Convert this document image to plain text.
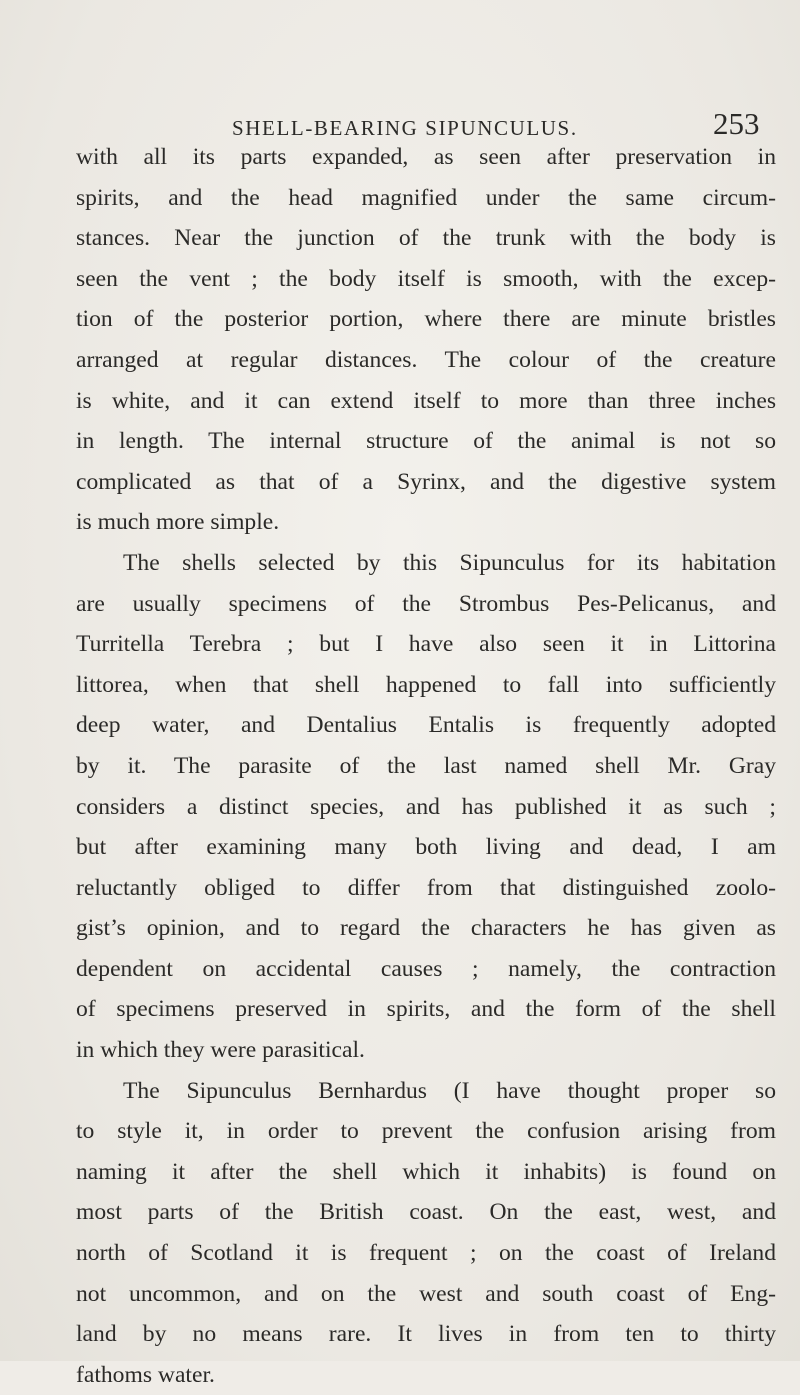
SHELL-BEARING SIPUNCULUS.	253
with all its parts expanded, as seen after preservation in
spirits, and the head magnified under the same circum-
stances. Near the junction of the trunk with the body is
seen the vent ; the body itself is smooth, with the excep-
tion of the posterior portion, where there are minute bristles
arranged at regular distances. The colour of the creature
is white, and it can extend itself to more than three inches
in length. The internal structure of the animal is not so
complicated as that of a Syrinx, and the digestive system
is much more simple.
The shells selected by this Sipunculus for its habitation
are usually specimens of the Strombus Pes-Pelicanus, and
Turritella Terebra ; but I have also seen it in Littorina
littorea, when that shell happened to fall into sufficiently
deep water, and Dentalius Entalis is frequently adopted
by it. The parasite of the last named shell Mr. Gray
considers a distinct species, and has published it as such ;
but after examining many both living and dead, I am
reluctantly obliged to differ from that distinguished zoolo-
gist’s opinion, and to regard the characters he has given as
dependent on accidental causes ; namely, the contraction
of specimens preserved in spirits, and the form of the shell
in which they were parasitical.
The Sipunculus Bernhardus (I have thought proper so
to style it, in order to prevent the confusion arising from
naming it after the shell which it inhabits) is found on
most parts of the British coast. On the east, west, and
north of Scotland it is frequent ; on the coast of Ireland
not uncommon, and on the west and south coast of Eng-
land by no means rare. It lives in from ten to thirty
fathoms water.
